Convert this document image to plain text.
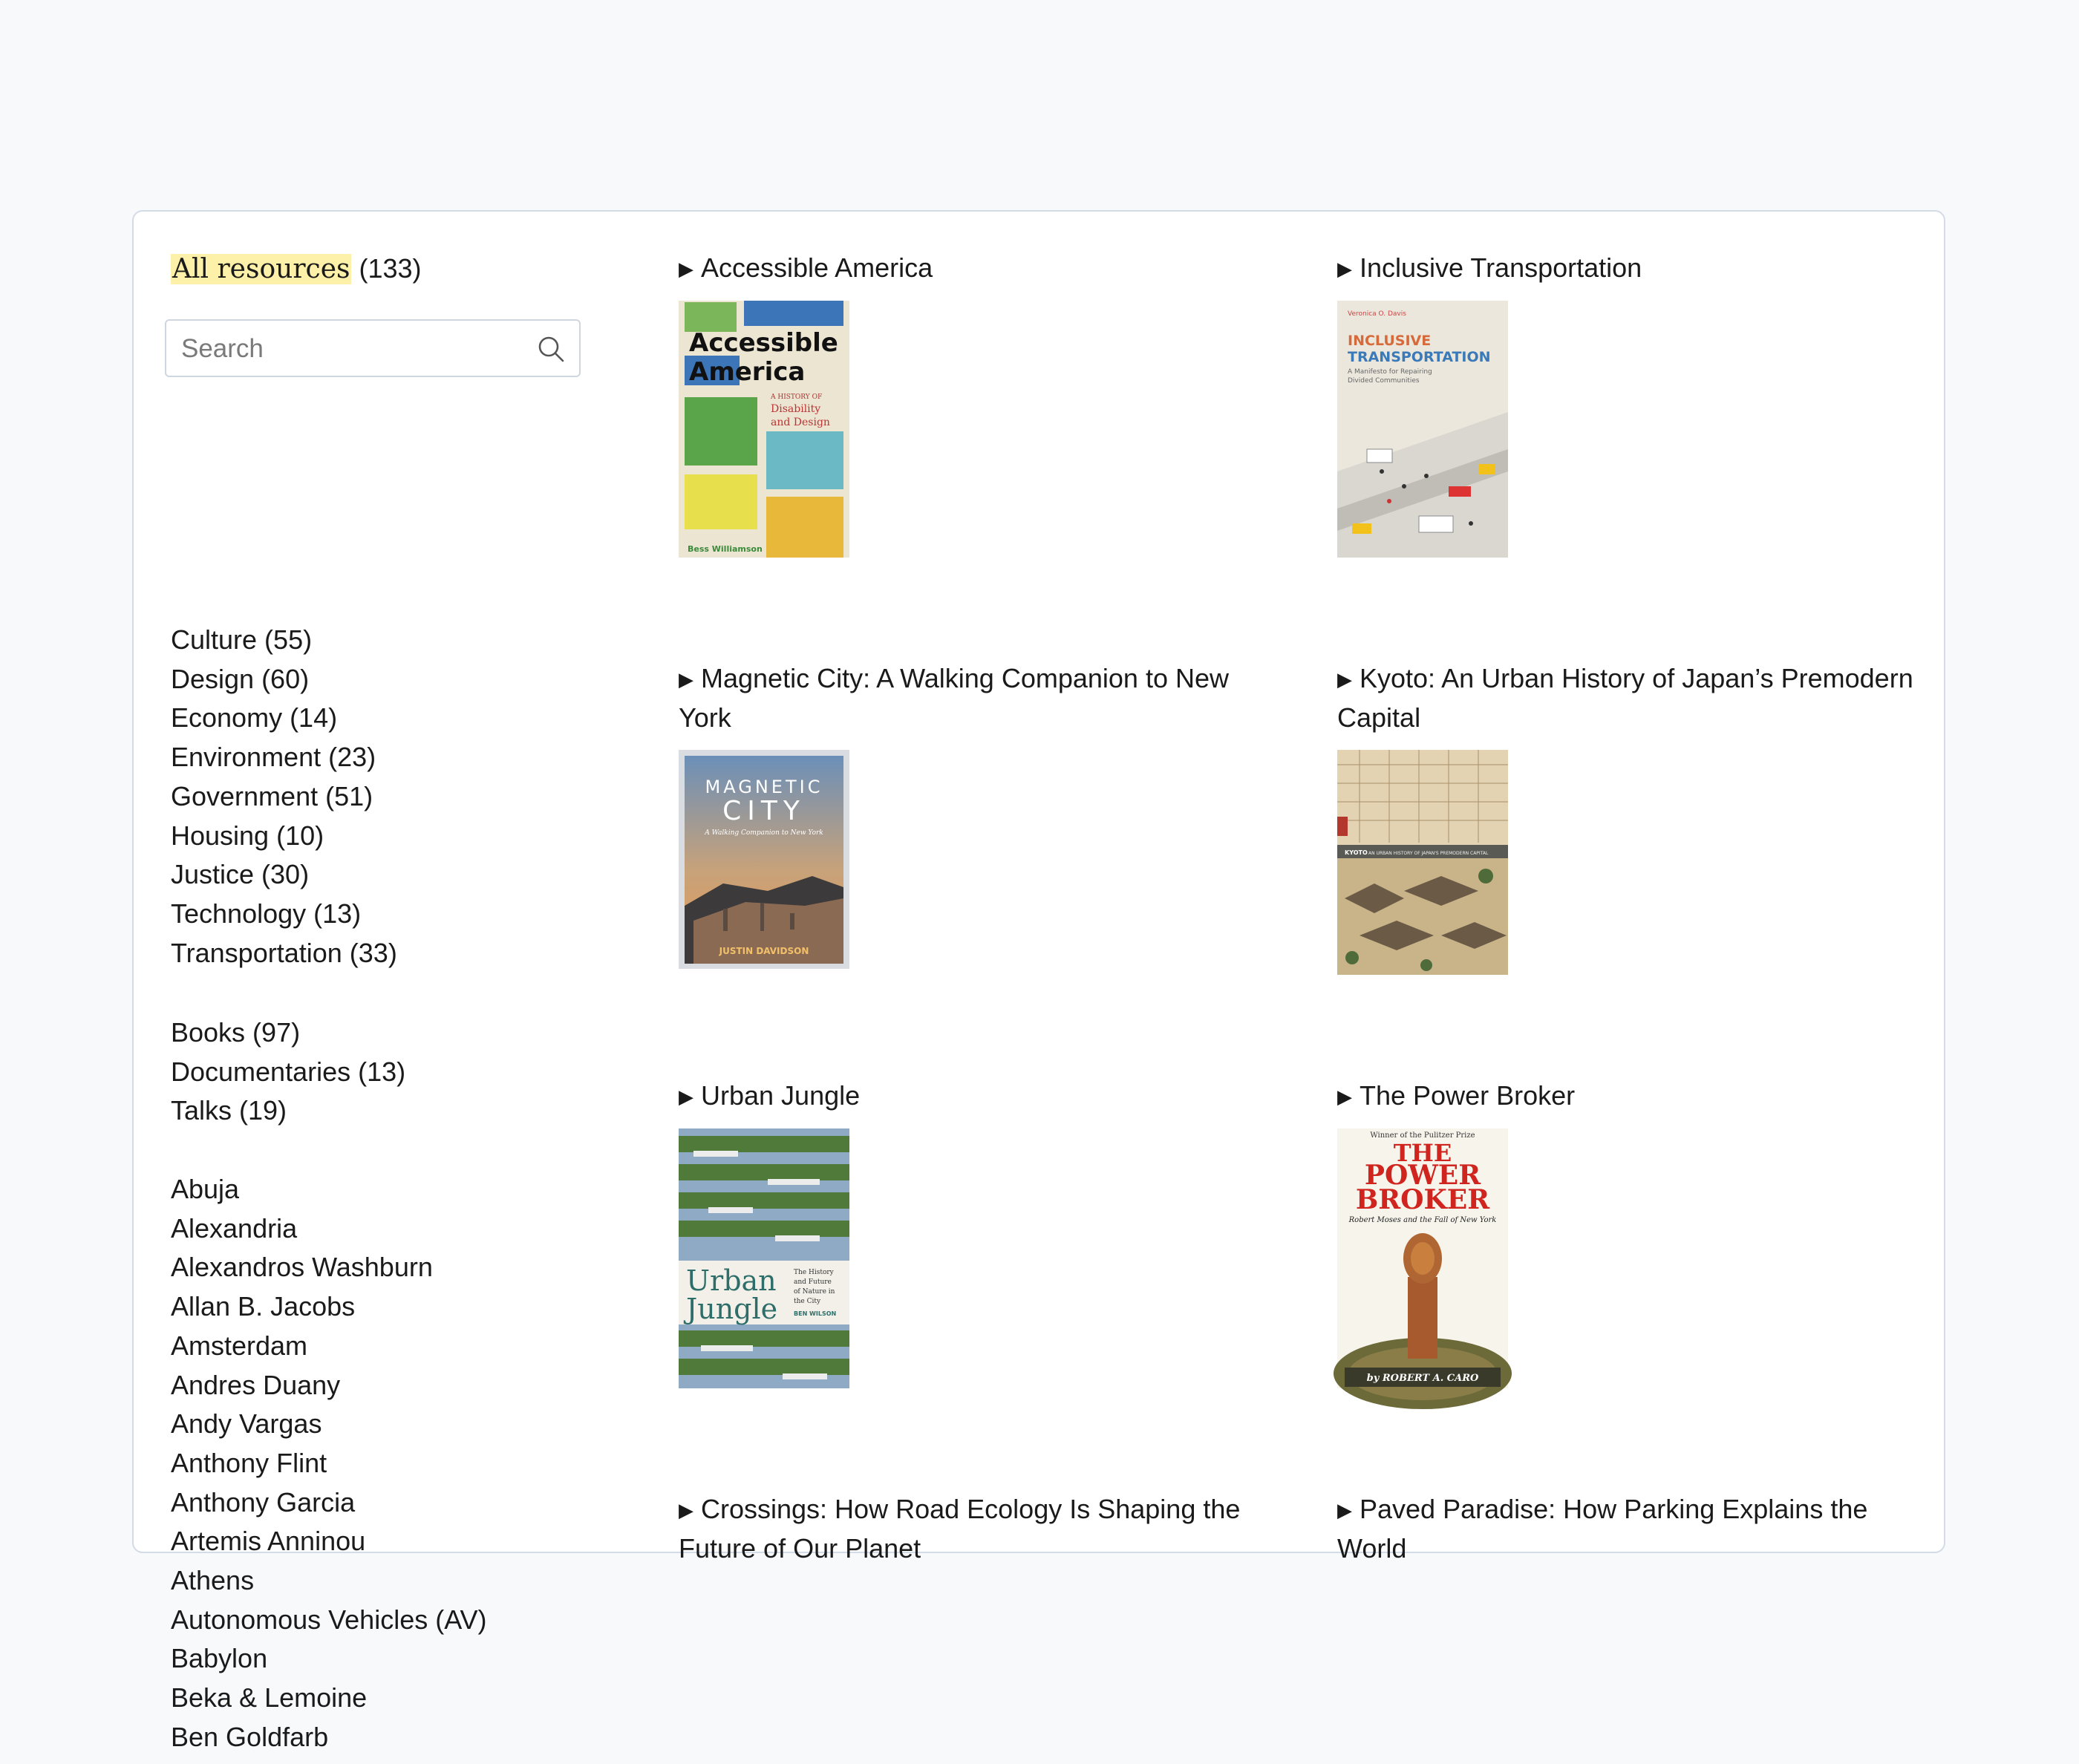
All resources (133)
Search
Culture (55)
Design (60)
Economy (14)
Environment (23)
Government (51)
Housing (10)
Justice (30)
Technology (13)
Transportation (33)
Books (97)
Documentaries (13)
Talks (19)
Abuja
Alexandria
Alexandros Washburn
Allan B. Jacobs
Amsterdam
Andres Duany
Andy Vargas
Anthony Flint
Anthony Garcia
Artemis Anninou
Athens
Autonomous Vehicles (AV)
Babylon
Beka & Lemoine
Ben Goldfarb
▶ Accessible America
Accessible
America
A HISTORY OF
Disability
and Design
Bess Williamson
▶ Inclusive Transportation
Veronica O. Davis
INCLUSIVE
TRANSPORTATION
A Manifesto for Repairing
Divided Communities
▶ Magnetic City: A Walking Companion to New York
MAGNETIC
CITY
A Walking Companion to New York
JUSTIN DAVIDSON
▶ Kyoto: An Urban History of Japan’s Premodern Capital
KYOTO AN URBAN HISTORY OF JAPAN'S PREMODERN CAPITAL
▶ Urban Jungle
Urban
Jungle
The History
and Future
of Nature in
the City
BEN WILSON
▶ The Power Broker
Winner of the Pulitzer Prize
THE
POWER
BROKER
Robert Moses and the Fall of New York
by ROBERT A. CARO
▶ Crossings: How Road Ecology Is Shaping the Future of Our Planet
▶ Paved Paradise: How Parking Explains the World
